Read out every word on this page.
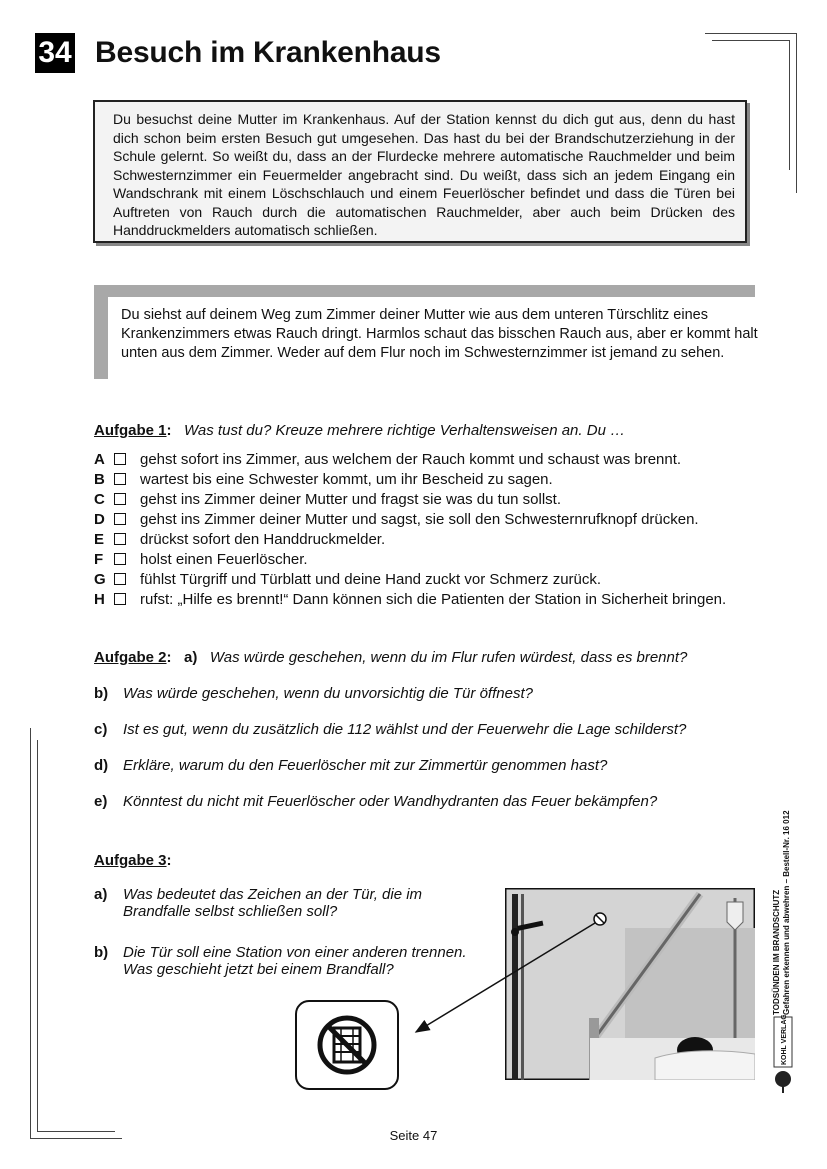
34 Besuch im Krankenhaus
Du besuchst deine Mutter im Krankenhaus. Auf der Station kennst du dich gut aus, denn du hast dich schon beim ersten Besuch gut umgesehen. Das hast du bei der Brandschutzerziehung in der Schule gelernt. So weißt du, dass an der Flurdecke mehrere automatische Rauchmelder und beim Schwesternzimmer ein Feuermelder angebracht sind. Du weißt, dass sich an jedem Eingang ein Wandschrank mit einem Löschschlauch und einem Feuerlöscher befindet und dass die Türen bei Auftreten von Rauch durch die automatischen Rauchmelder, aber auch beim Drücken des Handdruckmelders automatisch schließen.
Du siehst auf deinem Weg zum Zimmer deiner Mutter wie aus dem unteren Türschlitz eines Krankenzimmers etwas Rauch dringt. Harmlos schaut das bisschen Rauch aus, aber er kommt halt unten aus dem Zimmer. Weder auf dem Flur noch im Schwesternzimmer ist jemand zu sehen.
Aufgabe 1: Was tust du? Kreuze mehrere richtige Verhaltensweisen an. Du …
A gehst sofort ins Zimmer, aus welchem der Rauch kommt und schaust was brennt.
B wartest bis eine Schwester kommt, um ihr Bescheid zu sagen.
C gehst ins Zimmer deiner Mutter und fragst sie was du tun sollst.
D gehst ins Zimmer deiner Mutter und sagst, sie soll den Schwesternrufknopf drücken.
E drückst sofort den Handdruckmelder.
F holst einen Feuerlöscher.
G fühlst Türgriff und Türblatt und deine Hand zuckt vor Schmerz zurück.
H rufst: „Hilfe es brennt!“ Dann können sich die Patienten der Station in Sicherheit bringen.
Aufgabe 2: a) Was würde geschehen, wenn du im Flur rufen würdest, dass es brennt?
b) Was würde geschehen, wenn du unvorsichtig die Tür öffnest?
c) Ist es gut, wenn du zusätzlich die 112 wählst und der Feuerwehr die Lage schilderst?
d) Erkläre, warum du den Feuerlöscher mit zur Zimmertür genommen hast?
e) Könntest du nicht mit Feuerlöscher oder Wandhydranten das Feuer bekämpfen?
Aufgabe 3:
a) Was bedeutet das Zeichen an der Tür, die im
Brandfalle selbst schließen soll?
b) Die Tür soll eine Station von einer anderen trennen.
Was geschieht jetzt bei einem Brandfall?	TODSÜNDEN IM BRANDSCHUTZ Gefahren erkennen und abwehren – Bestell-Nr. 16 012
KOHL VERLAG
Seite 47
